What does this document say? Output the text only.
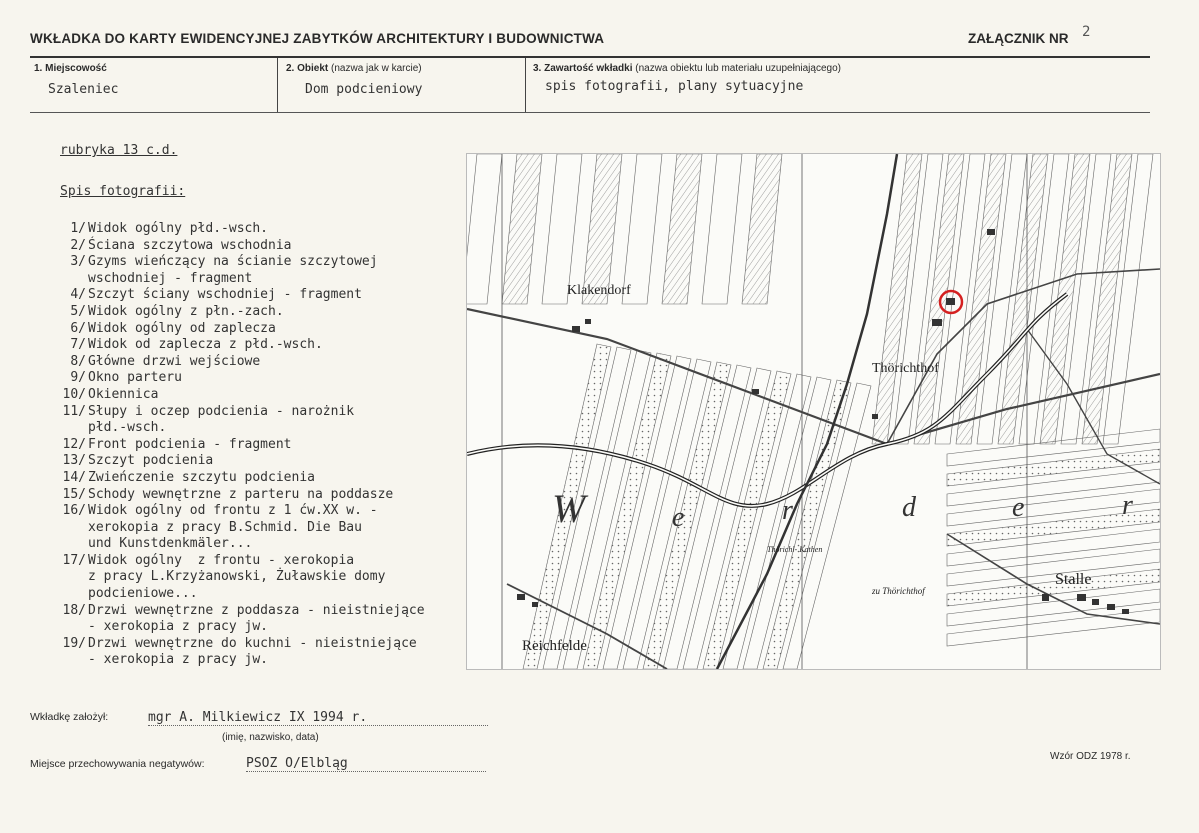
WKŁADKA DO KARTY EWIDENCYJNEJ ZABYTKÓW ARCHITEKTURY I BUDOWNICTWA	ZAŁĄCZNIK NR 2
1. Miejscowość
Szaleniec
2. Obiekt (nazwa jak w karcie)
Dom podcieniowy
3. Zawartość wkładki (nazwa obiektu lub materiału uzupełniającego)
spis fotografii, plany sytuacyjne
rubryka 13 c.d.
Spis fotografii:
1/ Widok ogólny płd.-wsch.
2/ Ściana szczytowa wschodnia
3/ Gzyms wieńczący na ścianie szczytowej
wschodniej - fragment
4/ Szczyt ściany wschodniej - fragment
5/ Widok ogólny z płn.-zach.
6/ Widok ogólny od zaplecza
7/ Widok od zaplecza z płd.-wsch.
8/ Główne drzwi wejściowe
9/ Okno parteru
10/ Okiennica
11/ Słupy i oczep podcienia - narożnik
płd.-wsch.
12/ Front podcienia - fragment
13/ Szczyt podcienia
14/ Zwieńczenie szczytu podcienia
15/ Schody wewnętrzne z parteru na poddasze
16/ Widok ogólny od frontu z 1 ćw.XX w. -
xerokopia z pracy B.Schmid. Die Bau
und Kunstdenkmäler...
17/ Widok ogólny  z frontu - xerokopia
z pracy L.Krzyżanowski, Żuławskie domy
podcieniowe...
18/ Drzwi wewnętrzne z poddasza - nieistniejące
- xerokopia z pracy jw.
19/ Drzwi wewnętrzne do kuchni - nieistniejące
- xerokopia z pracy jw.
Klakendorf
Thörichthof
Stalle
Reichfelde
zu Thörichthof
Thörichl- Kathen
W	e	r	d	e	r
Wkładkę założył:	mgr A. Milkiewicz IX 1994 r.
(imię, nazwisko, data)
Miejsce przechowywania negatywów:	PSOZ O/Elbląg	Wzór ODZ 1978 r.
